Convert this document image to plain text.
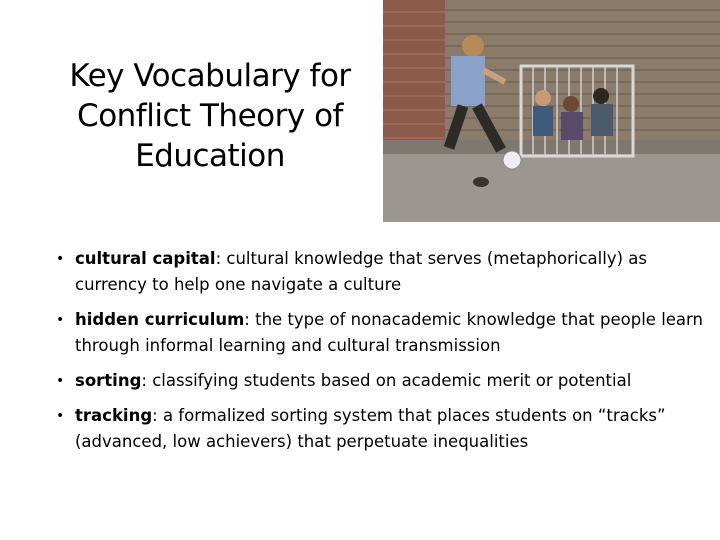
Key Vocabulary for
Conflict Theory of
Education
• cultural capital: cultural knowledge that serves (metaphorically) as currency to help one navigate a culture
• hidden curriculum: the type of nonacademic knowledge that people learn through informal learning and cultural transmission
• sorting: classifying students based on academic merit or potential
• tracking: a formalized sorting system that places students on “tracks” (advanced, low achievers) that perpetuate inequalities
